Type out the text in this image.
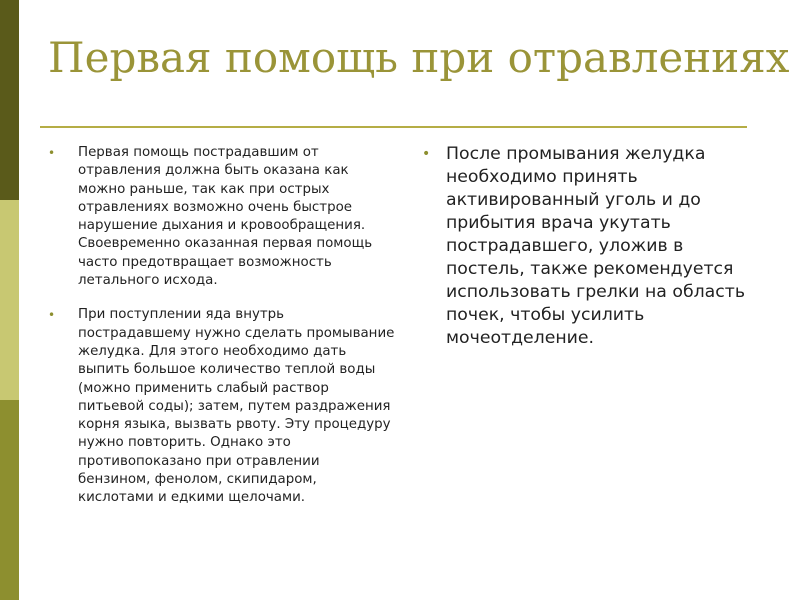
Первая помощь при отравлениях
• Первая помощь пострадавшим от отравления должна быть оказана как можно раньше, так как при острых отравлениях возможно очень быстрое нарушение дыхания и кровообращения. Своевременно оказанная первая помощь часто предотвращает возможность летального исхода.
• При поступлении яда внутрь пострадавшему нужно сделать промывание желудка. Для этого необходимо дать выпить большое количество теплой воды (можно применить слабый раствор питьевой соды); затем, путем раздражения корня языка, вызвать рвоту. Эту процедуру нужно повторить. Однако это противопоказано при отравлении бензином, фенолом, скипидаром, кислотами и едкими щелочами.
• После промывания желудка необходимо принять активированный уголь и до прибытия врача укутать пострадавшего, уложив в постель, также рекомендуется использовать грелки на область почек, чтобы усилить мочеотделение.
